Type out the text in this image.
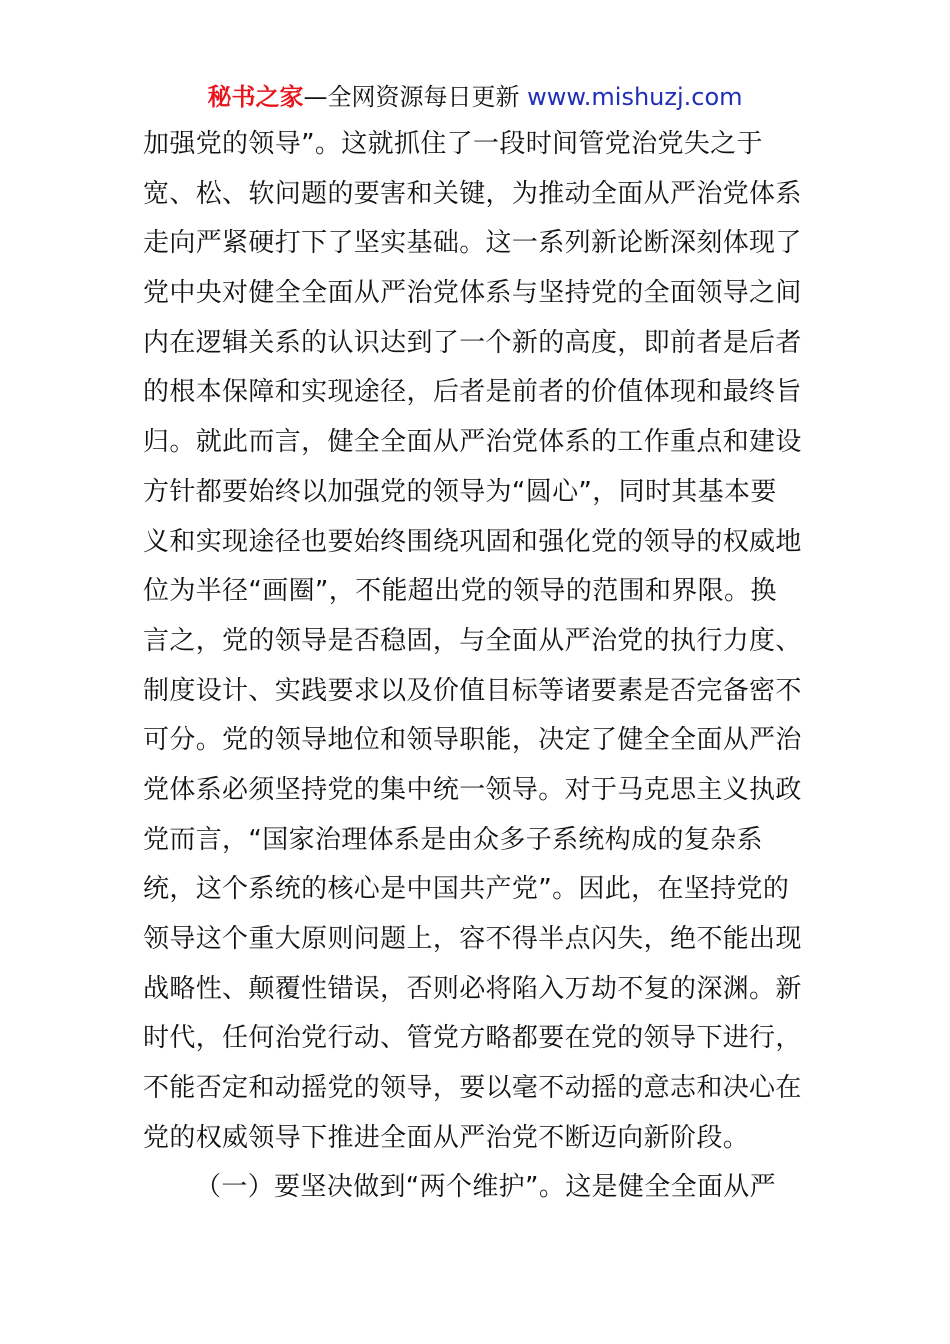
秘书之家—全网资源每日更新 www.mishuzj.com
加强党的领导”。这就抓住了一段时间管党治党失之于
宽、松、软问题的要害和关键，为推动全面从严治党体系
走向严紧硬打下了坚实基础。这一系列新论断深刻体现了
党中央对健全全面从严治党体系与坚持党的全面领导之间
内在逻辑关系的认识达到了一个新的高度，即前者是后者
的根本保障和实现途径，后者是前者的价值体现和最终旨
归。就此而言，健全全面从严治党体系的工作重点和建设
方针都要始终以加强党的领导为“圆心”，同时其基本要
义和实现途径也要始终围绕巩固和强化党的领导的权威地
位为半径“画圈”，不能超出党的领导的范围和界限。换
言之，党的领导是否稳固，与全面从严治党的执行力度、
制度设计、实践要求以及价值目标等诸要素是否完备密不
可分。党的领导地位和领导职能，决定了健全全面从严治
党体系必须坚持党的集中统一领导。对于马克思主义执政
党而言，“国家治理体系是由众多子系统构成的复杂系
统，这个系统的核心是中国共产党”。因此，在坚持党的
领导这个重大原则问题上，容不得半点闪失，绝不能出现
战略性、颠覆性错误，否则必将陷入万劫不复的深渊。新
时代，任何治党行动、管党方略都要在党的领导下进行，
不能否定和动摇党的领导，要以毫不动摇的意志和决心在
党的权威领导下推进全面从严治党不断迈向新阶段。
（一）要坚决做到“两个维护”。这是健全全面从严
